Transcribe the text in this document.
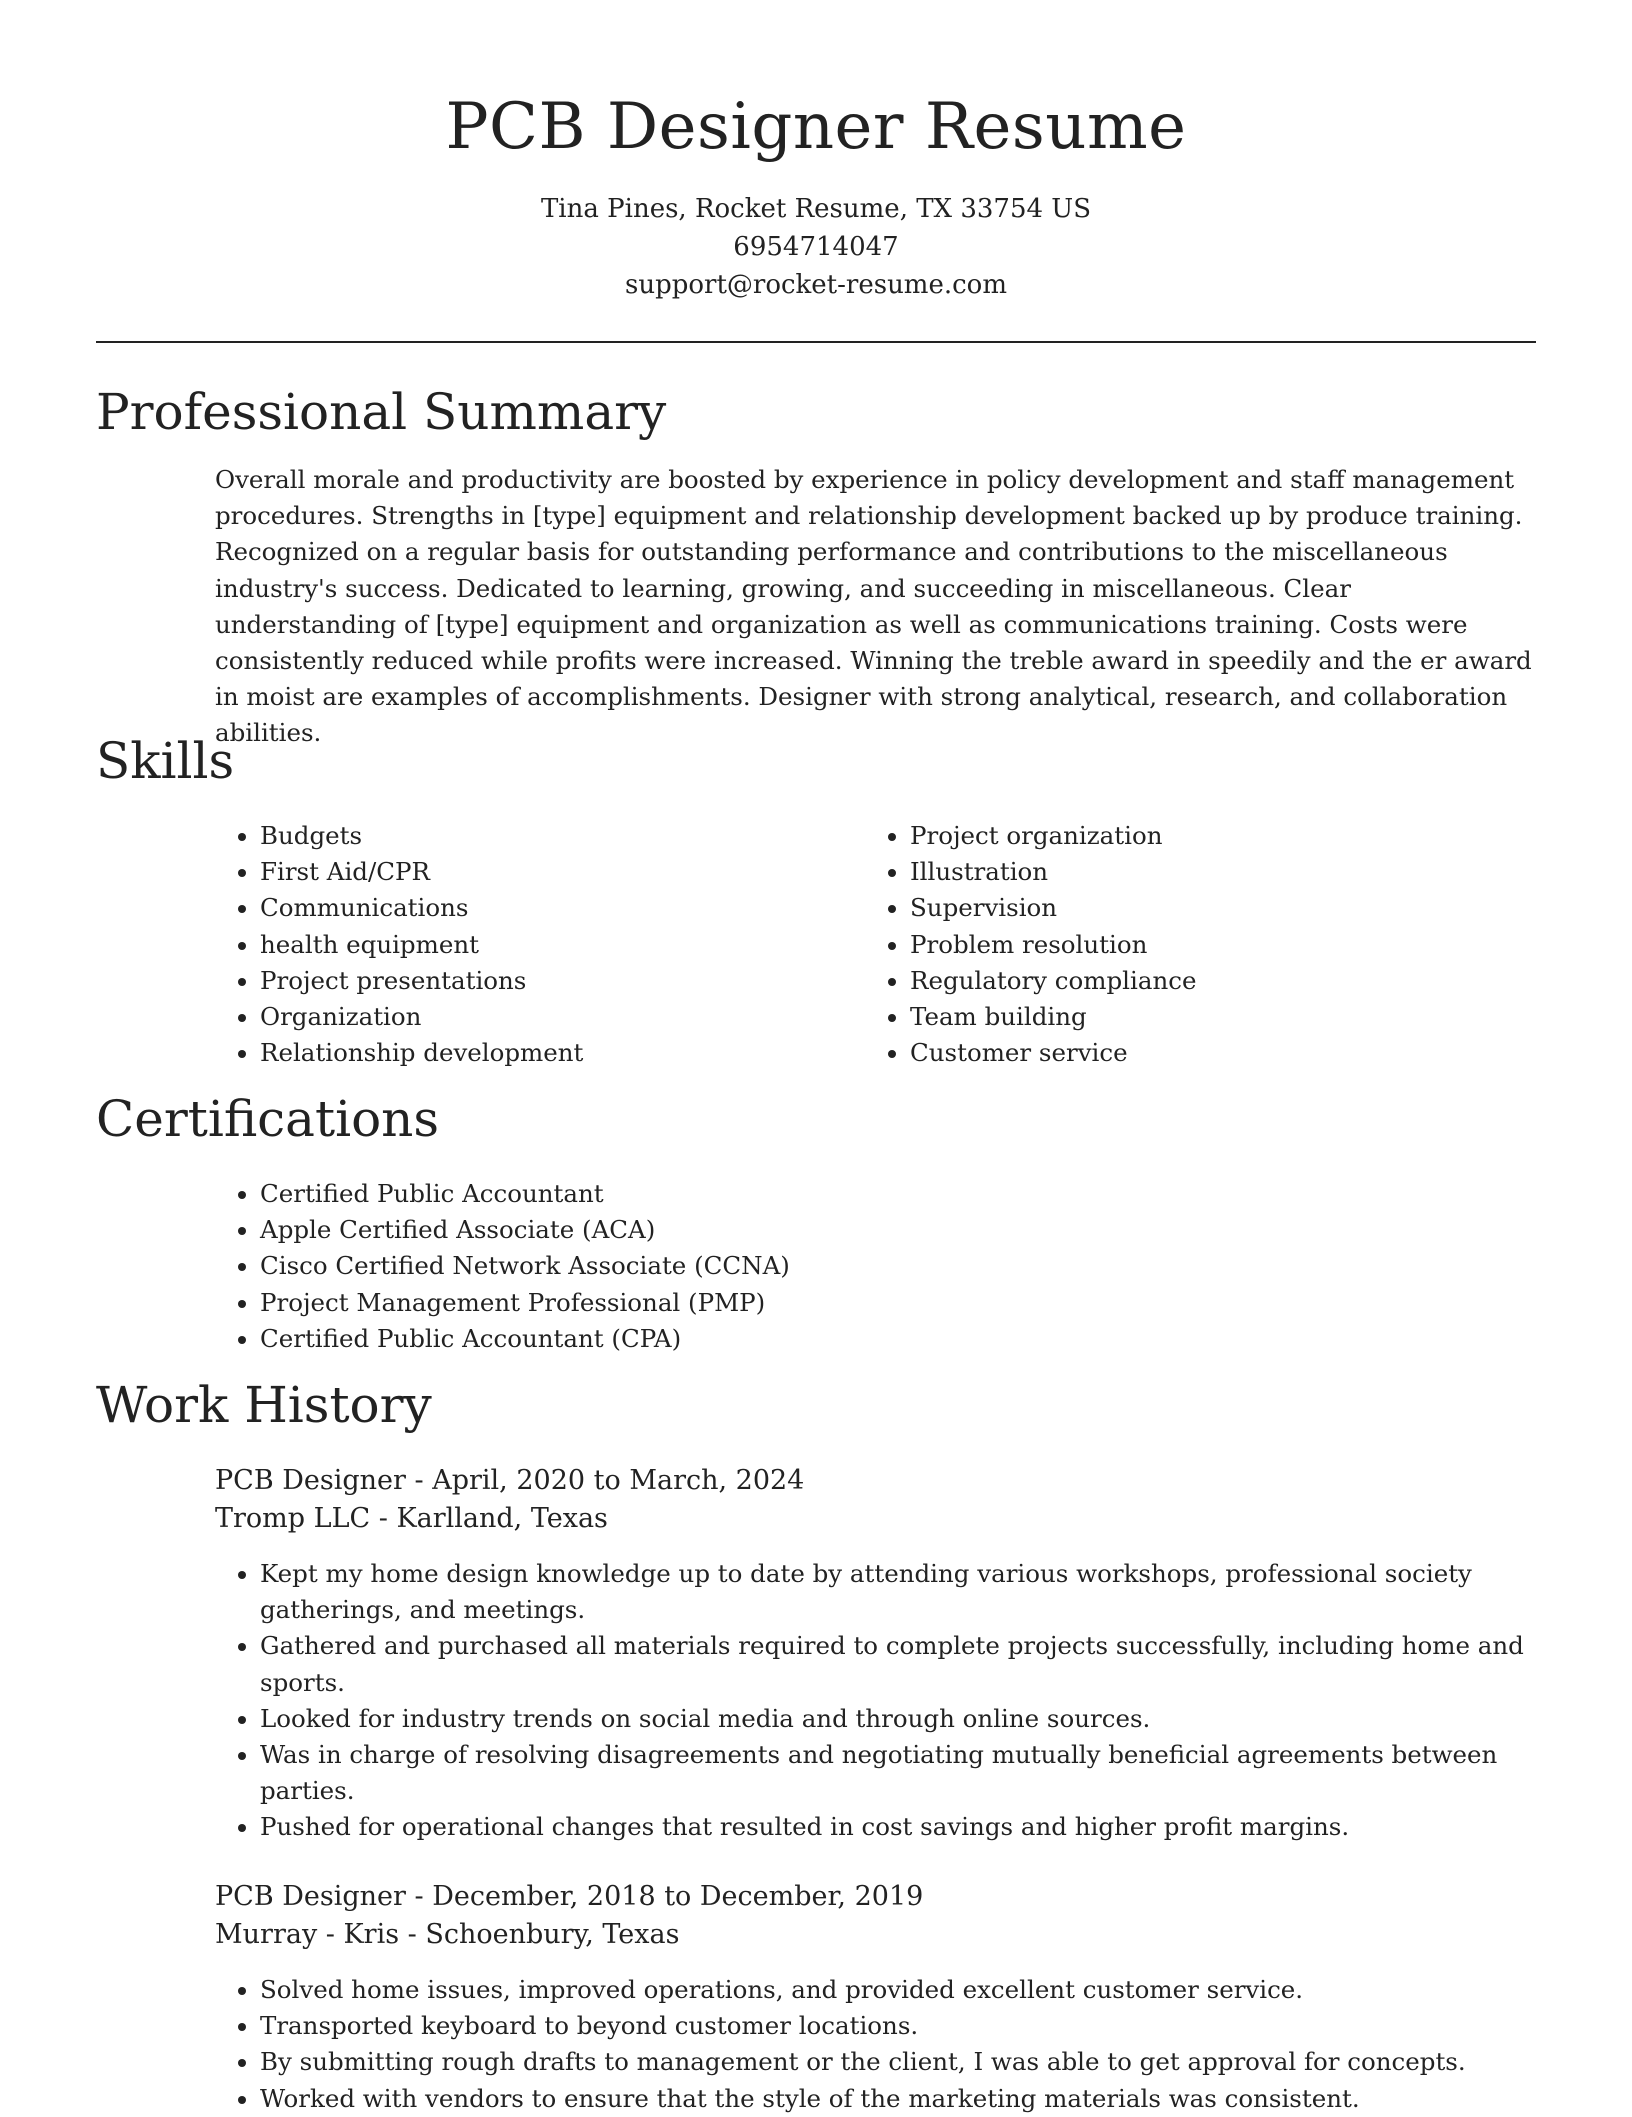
PCB Designer Resume
Tina Pines, Rocket Resume, TX 33754 US
6954714047
support@rocket-resume.com
Professional Summary

Overall morale and productivity are boosted by experience in policy development and staff management procedures. Strengths in [type] equipment and relationship development backed up by produce training. Recognized on a regular basis for outstanding performance and contributions to the miscellaneous industry's success. Dedicated to learning, growing, and succeeding in miscellaneous. Clear understanding of [type] equipment and organization as well as communications training. Costs were consistently reduced while profits were increased. Winning the treble award in speedily and the er award in moist are examples of accomplishments. Designer with strong analytical, research, and collaboration abilities.

Skills
• Budgets
• First Aid/CPR
• Communications
• health equipment
• Project presentations
• Organization
• Relationship development
• Project organization
• Illustration
• Supervision
• Problem resolution
• Regulatory compliance
• Team building
• Customer service
Certifications
• Certified Public Accountant
• Apple Certified Associate (ACA)
• Cisco Certified Network Associate (CCNA)
• Project Management Professional (PMP)
• Certified Public Accountant (CPA)
Work History
PCB Designer - April, 2020 to March, 2024
Tromp LLC - Karlland, Texas
• Kept my home design knowledge up to date by attending various workshops, professional society gatherings, and meetings.
• Gathered and purchased all materials required to complete projects successfully, including home and sports.
• Looked for industry trends on social media and through online sources.
• Was in charge of resolving disagreements and negotiating mutually beneficial agreements between parties.
• Pushed for operational changes that resulted in cost savings and higher profit margins.
PCB Designer - December, 2018 to December, 2019
Murray - Kris - Schoenbury, Texas
• Solved home issues, improved operations, and provided excellent customer service.
• Transported keyboard to beyond customer locations.
• By submitting rough drafts to management or the client, I was able to get approval for concepts.
• Worked with vendors to ensure that the style of the marketing materials was consistent.
